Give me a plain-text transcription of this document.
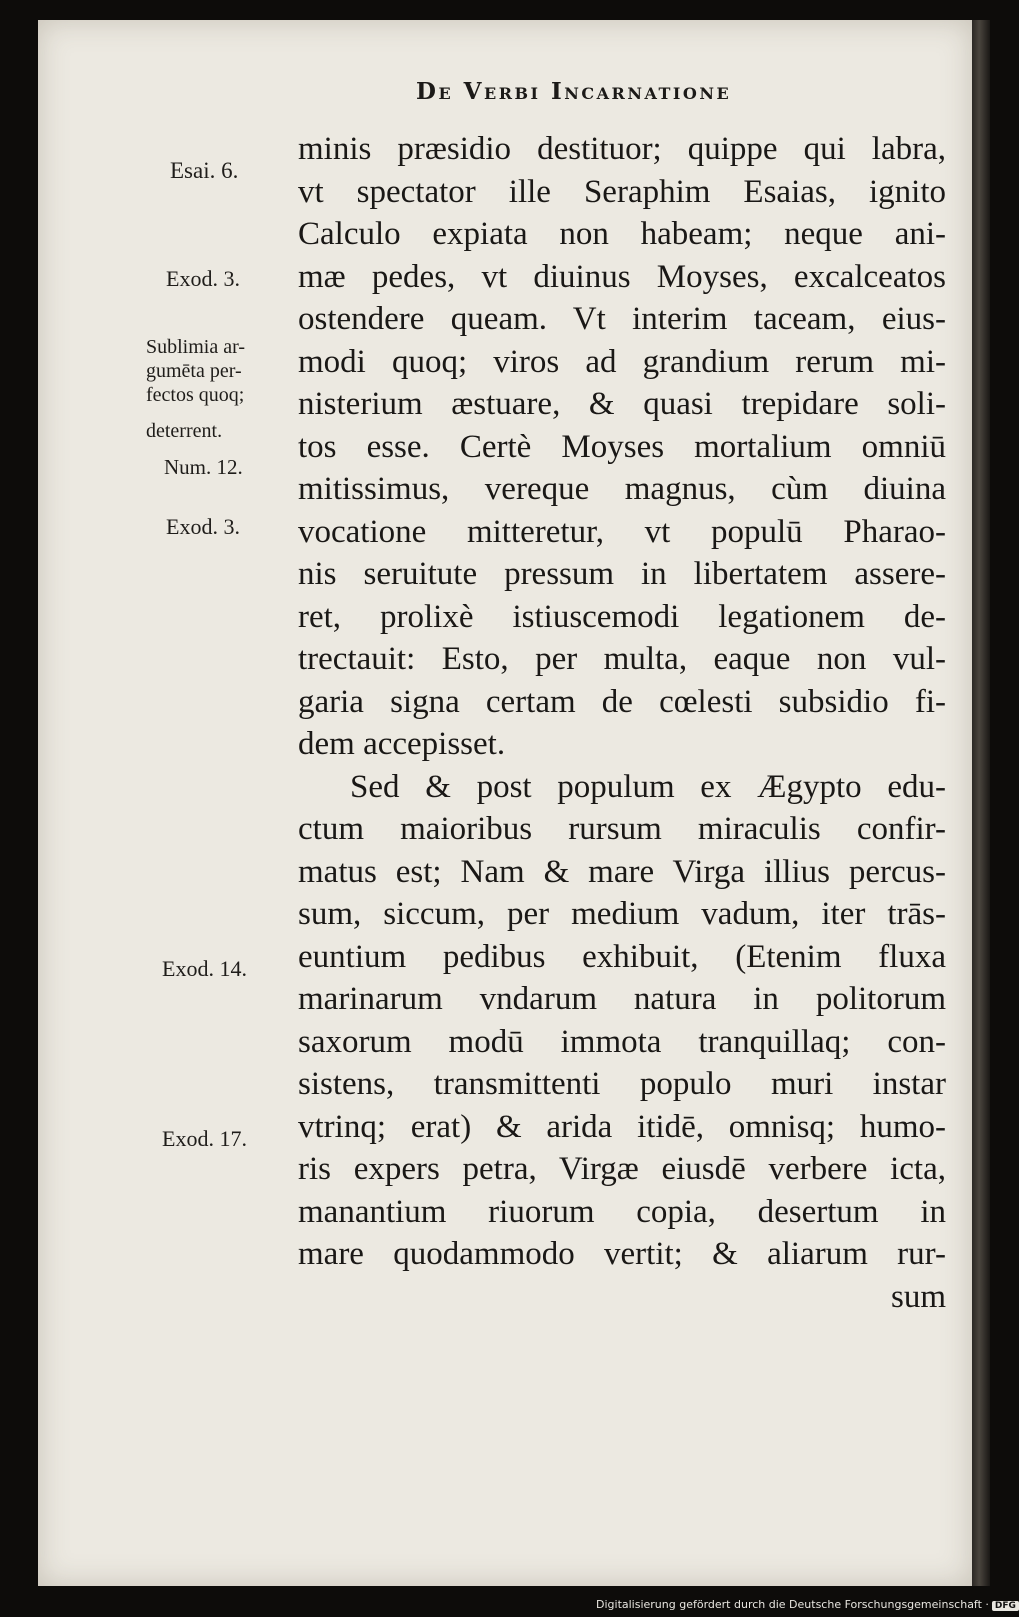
De Verbi Incarnatione
Esai. 6.
Exod. 3.
Sublimia ar-
gumēta per-
fectos quoq;
deterrent.
Num. 12.
Exod. 3.
Exod. 14.
Exod. 17.
minis præsidio destituor; quippe qui labra,
vt spectator ille Seraphim Esaias, ignito
Calculo expiata non habeam; neque ani-
mæ pedes, vt diuinus Moyses, excalceatos
ostendere queam. Vt interim taceam, eius-
modi quoq; viros ad grandium rerum mi-
nisterium æstuare, & quasi trepidare soli-
tos esse. Certè Moyses mortalium omniū
mitissimus, vereque magnus, cùm diuina
vocatione mitteretur, vt populū Pharao-
nis seruitute pressum in libertatem assere-
ret, prolixè istiuscemodi legationem de-
trectauit: Esto, per multa, eaque non vul-
garia signa certam de cœlesti subsidio fi-
dem accepisset.
Sed & post populum ex Ægypto edu-
ctum maioribus rursum miraculis confir-
matus est; Nam & mare Virga illius percus-
sum, siccum, per medium vadum, iter trās-
euntium pedibus exhibuit, (Etenim fluxa
marinarum vndarum natura in politorum
saxorum modū immota tranquillaq; con-
sistens, transmittenti populo muri instar
vtrinq; erat) & arida itidē, omnisq; humo-
ris expers petra, Virgæ eiusdē verbere icta,
manantium riuorum copia, desertum in
mare quodammodo vertit; & aliarum rur-
sum
Digitalisierung gefördert durch die Deutsche Forschungsgemeinschaft · DFG
